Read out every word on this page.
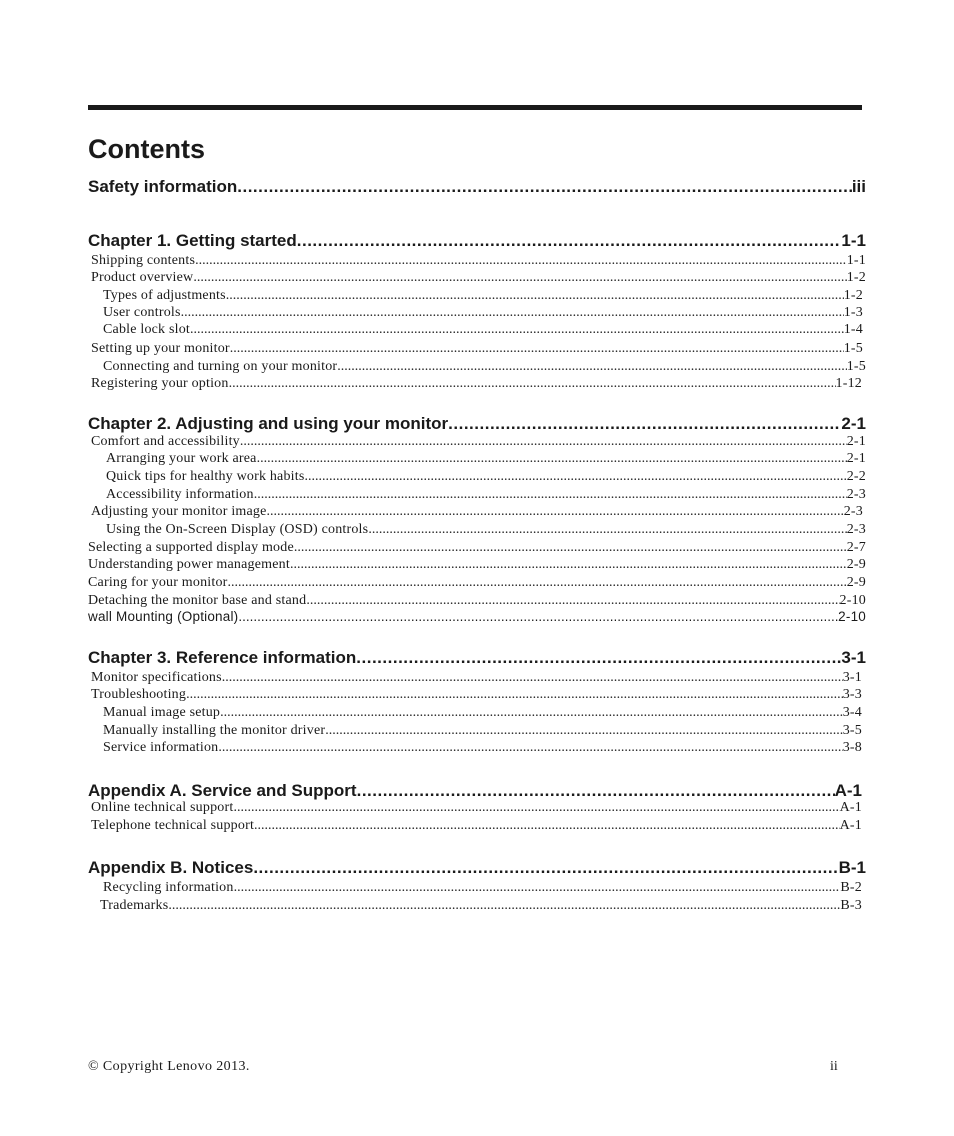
Contents
Safety information .....	iii
Chapter 1. Getting started .....	1-1
Shipping contents .....	1-1
Product overview .....	1-2
Types of adjustments .....	1-2
User controls .....	1-3
Cable lock slot .....	1-4
Setting up your monitor .....	1-5
Connecting and turning on your monitor .....	1-5
Registering your option .....	1-12
Chapter 2. Adjusting and using your monitor .....	2-1
Comfort and accessibility .....	2-1
Arranging your work area .....	2-1
Quick tips for healthy work habits .....	2-2
Accessibility information .....	2-3
Adjusting your monitor image .....	2-3
Using the On-Screen Display (OSD) controls .....	2-3
Selecting a supported display mode .....	2-7
Understanding power management .....	2-9
Caring for your monitor .....	2-9
Detaching the monitor base and stand .....	2-10
wall Mounting (Optional) .....	2-10
Chapter 3. Reference information .....	3-1
Monitor specifications .....	3-1
Troubleshooting .....	3-3
Manual image setup .....	3-4
Manually installing the monitor driver .....	3-5
Service information .....	3-8
Appendix A. Service and Support .....	A-1
Online technical support .....	A-1
Telephone technical support .....	A-1
Appendix B. Notices .....	B-1
Recycling information .....	B-2
Trademarks .....	B-3
© Copyright Lenovo 2013.	ii
